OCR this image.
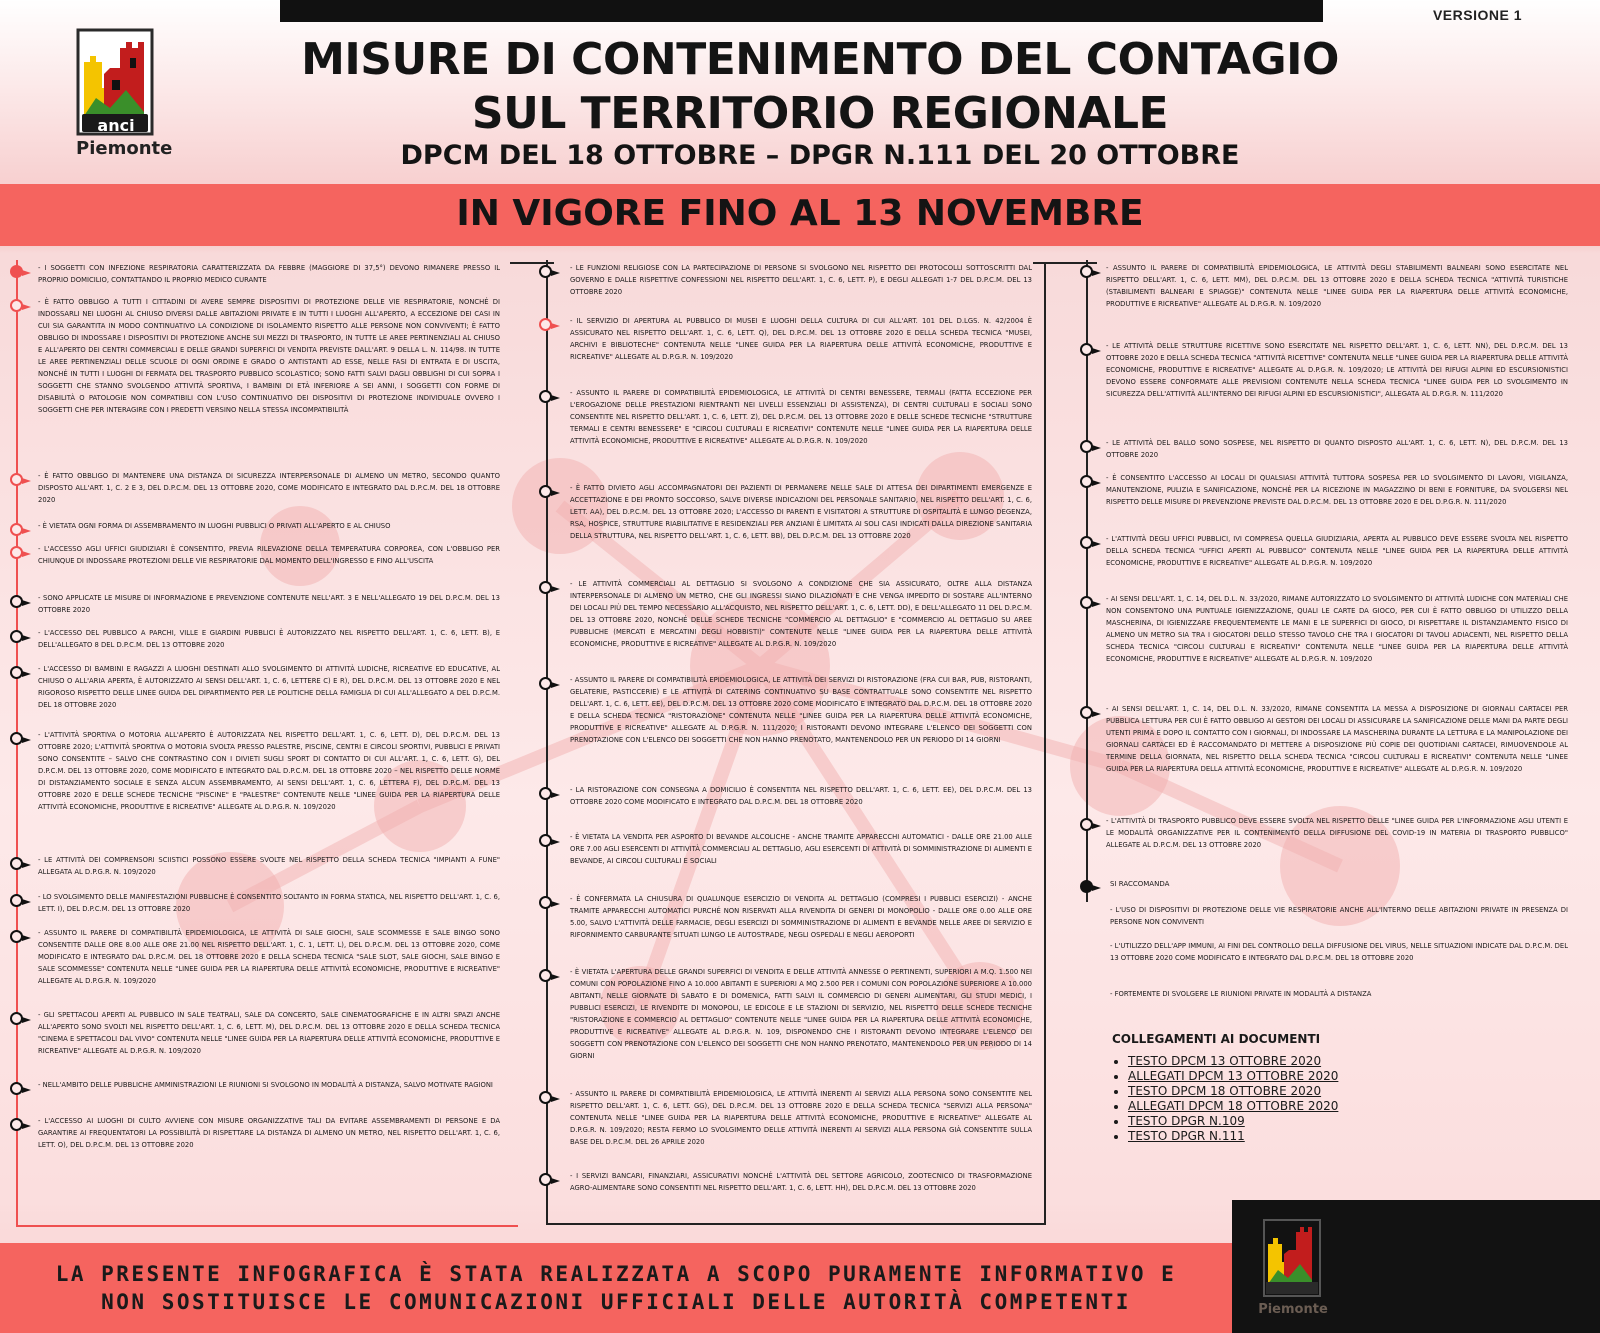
VERSIONE 1
anci
Piemonte
MISURE DI CONTENIMENTO DEL CONTAGIO
SUL TERRITORIO REGIONALE
DPCM DEL 18 OTTOBRE – DPGR N.111 DEL 20 OTTOBRE
IN VIGORE FINO AL 13 NOVEMBRE
- I SOGGETTI CON INFEZIONE RESPIRATORIA CARATTERIZZATA DA FEBBRE (MAGGIORE DI 37,5°) DEVONO RIMANERE PRESSO IL PROPRIO DOMICILIO, CONTATTANDO IL PROPRIO MEDICO CURANTE
- È FATTO OBBLIGO A TUTTI I CITTADINI DI AVERE SEMPRE DISPOSITIVI DI PROTEZIONE DELLE VIE RESPIRATORIE, NONCHÉ DI INDOSSARLI NEI LUOGHI AL CHIUSO DIVERSI DALLE ABITAZIONI PRIVATE E IN TUTTI I LUOGHI ALL'APERTO, A ECCEZIONE DEI CASI IN CUI SIA GARANTITA IN MODO CONTINUATIVO LA CONDIZIONE DI ISOLAMENTO RISPETTO ALLE PERSONE NON CONVIVENTI; È FATTO OBBLIGO DI INDOSSARE I DISPOSITIVI DI PROTEZIONE ANCHE SUI MEZZI DI TRASPORTO, IN TUTTE LE AREE PERTINENZIALI AL CHIUSO E ALL'APERTO DEI CENTRI COMMERCIALI E DELLE GRANDI SUPERFICI DI VENDITA PREVISTE DALL'ART. 9 DELLA L. N. 114/98. IN TUTTE LE AREE PERTINENZIALI DELLE SCUOLE DI OGNI ORDINE E GRADO O ANTISTANTI AD ESSE, NELLE FASI DI ENTRATA E DI USCITA, NONCHÉ IN TUTTI I LUOGHI DI FERMATA DEL TRASPORTO PUBBLICO SCOLASTICO; SONO FATTI SALVI DAGLI OBBLIGHI DI CUI SOPRA I SOGGETTI CHE STANNO SVOLGENDO ATTIVITÀ SPORTIVA, I BAMBINI DI ETÀ INFERIORE A SEI ANNI, I SOGGETTI CON FORME DI DISABILITÀ O PATOLOGIE NON COMPATIBILI CON L'USO CONTINUATIVO DEI DISPOSITIVI DI PROTEZIONE INDIVIDUALE OVVERO I SOGGETTI CHE PER INTERAGIRE CON I PREDETTI VERSINO NELLA STESSA INCOMPATIBILITÀ
- È FATTO OBBLIGO DI MANTENERE UNA DISTANZA DI SICUREZZA INTERPERSONALE DI ALMENO UN METRO, SECONDO QUANTO DISPOSTO ALL'ART. 1, C. 2 E 3, DEL D.P.C.M. DEL 13 OTTOBRE 2020, COME MODIFICATO E INTEGRATO DAL D.P.C.M. DEL 18 OTTOBRE 2020
- È VIETATA OGNI FORMA DI ASSEMBRAMENTO IN LUOGHI PUBBLICI O PRIVATI ALL'APERTO E AL CHIUSO
- L'ACCESSO AGLI UFFICI GIUDIZIARI È CONSENTITO, PREVIA RILEVAZIONE DELLA TEMPERATURA CORPOREA, CON L'OBBLIGO PER CHIUNQUE DI INDOSSARE PROTEZIONI DELLE VIE RESPIRATORIE DAL MOMENTO DELL'INGRESSO E FINO ALL'USCITA
- SONO APPLICATE LE MISURE DI INFORMAZIONE E PREVENZIONE CONTENUTE NELL'ART. 3 E NELL'ALLEGATO 19 DEL D.P.C.M. DEL 13 OTTOBRE 2020
- L'ACCESSO DEL PUBBLICO A PARCHI, VILLE E GIARDINI PUBBLICI È AUTORIZZATO NEL RISPETTO DELL'ART. 1, C. 6, LETT. B), E DELL'ALLEGATO 8 DEL D.P.C.M. DEL 13 OTTOBRE 2020
- L'ACCESSO DI BAMBINI E RAGAZZI A LUOGHI DESTINATI ALLO SVOLGIMENTO DI ATTIVITÀ LUDICHE, RICREATIVE ED EDUCATIVE, AL CHIUSO O ALL'ARIA APERTA, È AUTORIZZATO AI SENSI DELL'ART. 1, C. 6, LETTERE C) E R), DEL D.P.C.M. DEL 13 OTTOBRE 2020 E NEL RIGOROSO RISPETTO DELLE LINEE GUIDA DEL DIPARTIMENTO PER LE POLITICHE DELLA FAMIGLIA DI CUI ALL'ALLEGATO A DEL D.P.C.M. DEL 18 OTTOBRE 2020
- L'ATTIVITÀ SPORTIVA O MOTORIA ALL'APERTO È AUTORIZZATA NEL RISPETTO DELL'ART. 1, C. 6, LETT. D), DEL D.P.C.M. DEL 13 OTTOBRE 2020; L'ATTIVITÀ SPORTIVA O MOTORIA SVOLTA PRESSO PALESTRE, PISCINE, CENTRI E CIRCOLI SPORTIVI, PUBBLICI E PRIVATI SONO CONSENTITE – SALVO CHE CONTRASTINO CON I DIVIETI SUGLI SPORT DI CONTATTO DI CUI ALL'ART. 1, C. 6, LETT. G), DEL D.P.C.M. DEL 13 OTTOBRE 2020, COME MODIFICATO E INTEGRATO DAL D.P.C.M. DEL 18 OTTOBRE 2020 – NEL RISPETTO DELLE NORME DI DISTANZIAMENTO SOCIALE E SENZA ALCUN ASSEMBRAMENTO, AI SENSI DELL'ART. 1, C. 6, LETTERA F), DEL D.P.C.M. DEL 13 OTTOBRE 2020 E DELLE SCHEDE TECNICHE "PISCINE" E "PALESTRE" CONTENUTE NELLE "LINEE GUIDA PER LA RIAPERTURA DELLE ATTIVITÀ ECONOMICHE, PRODUTTIVE E RICREATIVE" ALLEGATE AL D.P.G.R. N. 109/2020
- LE ATTIVITÀ DEI COMPRENSORI SCIISTICI POSSONO ESSERE SVOLTE NEL RISPETTO DELLA SCHEDA TECNICA "IMPIANTI A FUNE" ALLEGATA AL D.P.G.R. N. 109/2020
- LO SVOLGIMENTO DELLE MANIFESTAZIONI PUBBLICHE È CONSENTITO SOLTANTO IN FORMA STATICA, NEL RISPETTO DELL'ART. 1, C. 6, LETT. I), DEL D.P.C.M. DEL 13 OTTOBRE 2020
- ASSUNTO IL PARERE DI COMPATIBILITÀ EPIDEMIOLOGICA, LE ATTIVITÀ DI SALE GIOCHI, SALE SCOMMESSE E SALE BINGO SONO CONSENTITE DALLE ORE 8.00 ALLE ORE 21.00 NEL RISPETTO DELL'ART. 1, C. 1, LETT. L), DEL D.P.C.M. DEL 13 OTTOBRE 2020, COME MODIFICATO E INTEGRATO DAL D.P.C.M. DEL 18 OTTOBRE 2020 E DELLA SCHEDA TECNICA "SALE SLOT, SALE GIOCHI, SALE BINGO E SALE SCOMMESSE" CONTENUTA NELLE "LINEE GUIDA PER LA RIAPERTURA DELLE ATTIVITÀ ECONOMICHE, PRODUTTIVE E RICREATIVE" ALLEGATE AL D.P.G.R. N. 109/2020
- GLI SPETTACOLI APERTI AL PUBBLICO IN SALE TEATRALI, SALE DA CONCERTO, SALE CINEMATOGRAFICHE E IN ALTRI SPAZI ANCHE ALL'APERTO SONO SVOLTI NEL RISPETTO DELL'ART. 1, C. 6, LETT. M), DEL D.P.C.M. DEL 13 OTTOBRE 2020 E DELLA SCHEDA TECNICA "CINEMA E SPETTACOLI DAL VIVO" CONTENUTA NELLE "LINEE GUIDA PER LA RIAPERTURA DELLE ATTIVITÀ ECONOMICHE, PRODUTTIVE E RICREATIVE" ALLEGATE AL D.P.G.R. N. 109/2020
- NELL'AMBITO DELLE PUBBLICHE AMMINISTRAZIONI LE RIUNIONI SI SVOLGONO IN MODALITÀ A DISTANZA, SALVO MOTIVATE RAGIONI
- L'ACCESSO AI LUOGHI DI CULTO AVVIENE CON MISURE ORGANIZZATIVE TALI DA EVITARE ASSEMBRAMENTI DI PERSONE E DA GARANTIRE AI FREQUENTATORI LA POSSIBILITÀ DI RISPETTARE LA DISTANZA DI ALMENO UN METRO, NEL RISPETTO DELL'ART. 1, C. 6, LETT. O), DEL D.P.C.M. DEL 13 OTTOBRE 2020
- LE FUNZIONI RELIGIOSE CON LA PARTECIPAZIONE DI PERSONE SI SVOLGONO NEL RISPETTO DEI PROTOCOLLI SOTTOSCRITTI DAL GOVERNO E DALLE RISPETTIVE CONFESSIONI NEL RISPETTO DELL'ART. 1, C. 6, LETT. P), E DEGLI ALLEGATI 1-7 DEL D.P.C.M. DEL 13 OTTOBRE 2020
- IL SERVIZIO DI APERTURA AL PUBBLICO DI MUSEI E LUOGHI DELLA CULTURA DI CUI ALL'ART. 101 DEL D.LGS. N. 42/2004 È ASSICURATO NEL RISPETTO DELL'ART. 1, C. 6, LETT. Q), DEL D.P.C.M. DEL 13 OTTOBRE 2020 E DELLA SCHEDA TECNICA "MUSEI, ARCHIVI E BIBLIOTECHE" CONTENUTA NELLE "LINEE GUIDA PER LA RIAPERTURA DELLE ATTIVITÀ ECONOMICHE, PRODUTTIVE E RICREATIVE" ALLEGATE AL D.P.G.R. N. 109/2020
- ASSUNTO IL PARERE DI COMPATIBILITÀ EPIDEMIOLOGICA, LE ATTIVITÀ DI CENTRI BENESSERE, TERMALI (FATTA ECCEZIONE PER L'EROGAZIONE DELLE PRESTAZIONI RIENTRANTI NEI LIVELLI ESSENZIALI DI ASSISTENZA), DI CENTRI CULTURALI E SOCIALI SONO CONSENTITE NEL RISPETTO DELL'ART. 1, C. 6, LETT. Z), DEL D.P.C.M. DEL 13 OTTOBRE 2020 E DELLE SCHEDE TECNICHE "STRUTTURE TERMALI E CENTRI BENESSERE" E "CIRCOLI CULTURALI E RICREATIVI" CONTENUTE NELLE "LINEE GUIDA PER LA RIAPERTURA DELLE ATTIVITÀ ECONOMICHE, PRODUTTIVE E RICREATIVE" ALLEGATE AL D.P.G.R. N. 109/2020
- È FATTO DIVIETO AGLI ACCOMPAGNATORI DEI PAZIENTI DI PERMANERE NELLE SALE DI ATTESA DEI DIPARTIMENTI EMERGENZE E ACCETTAZIONE E DEI PRONTO SOCCORSO, SALVE DIVERSE INDICAZIONI DEL PERSONALE SANITARIO, NEL RISPETTO DELL'ART. 1, C. 6, LETT. AA), DEL D.P.C.M. DEL 13 OTTOBRE 2020; L'ACCESSO DI PARENTI E VISITATORI A STRUTTURE DI OSPITALITÀ E LUNGO DEGENZA, RSA, HOSPICE, STRUTTURE RIABILITATIVE E RESIDENZIALI PER ANZIANI È LIMITATA AI SOLI CASI INDICATI DALLA DIREZIONE SANITARIA DELLA STRUTTURA, NEL RISPETTO DELL'ART. 1, C. 6, LETT. BB), DEL D.P.C.M. DEL 13 OTTOBRE 2020
- LE ATTIVITÀ COMMERCIALI AL DETTAGLIO SI SVOLGONO A CONDIZIONE CHE SIA ASSICURATO, OLTRE ALLA DISTANZA INTERPERSONALE DI ALMENO UN METRO, CHE GLI INGRESSI SIANO DILAZIONATI E CHE VENGA IMPEDITO DI SOSTARE ALL'INTERNO DEI LOCALI PIÙ DEL TEMPO NECESSARIO ALL'ACQUISTO, NEL RISPETTO DELL'ART. 1, C. 6, LETT. DD), E DELL'ALLEGATO 11 DEL D.P.C.M. DEL 13 OTTOBRE 2020, NONCHÉ DELLE SCHEDE TECNICHE "COMMERCIO AL DETTAGLIO" E "COMMERCIO AL DETTAGLIO SU AREE PUBBLICHE (MERCATI E MERCATINI DEGLI HOBBISTI)" CONTENUTE NELLE "LINEE GUIDA PER LA RIAPERTURA DELLE ATTIVITÀ ECONOMICHE, PRODUTTIVE E RICREATIVE" ALLEGATE AL D.P.G.R. N. 109/2020
- ASSUNTO IL PARERE DI COMPATIBILITÀ EPIDEMIOLOGICA, LE ATTIVITÀ DEI SERVIZI DI RISTORAZIONE (FRA CUI BAR, PUB, RISTORANTI, GELATERIE, PASTICCERIE) E LE ATTIVITÀ DI CATERING CONTINUATIVO SU BASE CONTRATTUALE SONO CONSENTITE NEL RISPETTO DELL'ART. 1, C. 6, LETT. EE), DEL D.P.C.M. DEL 13 OTTOBRE 2020 COME MODIFICATO E INTEGRATO DAL D.P.C.M. DEL 18 OTTOBRE 2020 E DELLA SCHEDA TECNICA "RISTORAZIONE" CONTENUTA NELLE "LINEE GUIDA PER LA RIAPERTURA DELLE ATTIVITÀ ECONOMICHE, PRODUTTIVE E RICREATIVE" ALLEGATE AL D.P.G.R. N. 111/2020; I RISTORANTI DEVONO INTEGRARE L'ELENCO DEI SOGGETTI CON PRENOTAZIONE CON L'ELENCO DEI SOGGETTI CHE NON HANNO PRENOTATO, MANTENENDOLO PER UN PERIODO DI 14 GIORNI
- LA RISTORAZIONE CON CONSEGNA A DOMICILIO È CONSENTITA NEL RISPETTO DELL'ART. 1, C. 6, LETT. EE), DEL D.P.C.M. DEL 13 OTTOBRE 2020 COME MODIFICATO E INTEGRATO DAL D.P.C.M. DEL 18 OTTOBRE 2020
- È VIETATA LA VENDITA PER ASPORTO DI BEVANDE ALCOLICHE - ANCHE TRAMITE APPARECCHI AUTOMATICI - DALLE ORE 21.00 ALLE ORE 7.00 AGLI ESERCENTI DI ATTIVITÀ COMMERCIALI AL DETTAGLIO, AGLI ESERCENTI DI ATTIVITÀ DI SOMMINISTRAZIONE DI ALIMENTI E BEVANDE, AI CIRCOLI CULTURALI E SOCIALI
- È CONFERMATA LA CHIUSURA DI QUALUNQUE ESERCIZIO DI VENDITA AL DETTAGLIO (COMPRESI I PUBBLICI ESERCIZI) - ANCHE TRAMITE APPARECCHI AUTOMATICI PURCHÉ NON RISERVATI ALLA RIVENDITA DI GENERI DI MONOPOLIO - DALLE ORE 0.00 ALLE ORE 5.00, SALVO L'ATTIVITÀ DELLE FARMACIE, DEGLI ESERCIZI DI SOMMINISTRAZIONE DI ALIMENTI E BEVANDE NELLE AREE DI SERVIZIO E RIFORNIMENTO CARBURANTE SITUATI LUNGO LE AUTOSTRADE, NEGLI OSPEDALI E NEGLI AEROPORTI
- È VIETATA L'APERTURA DELLE GRANDI SUPERFICI DI VENDITA E DELLE ATTIVITÀ ANNESSE O PERTINENTI, SUPERIORI A M.Q. 1.500 NEI COMUNI CON POPOLAZIONE FINO A 10.000 ABITANTI E SUPERIORI A MQ 2.500 PER I COMUNI CON POPOLAZIONE SUPERIORE A 10.000 ABITANTI, NELLE GIORNATE DI SABATO E DI DOMENICA, FATTI SALVI IL COMMERCIO DI GENERI ALIMENTARI, GLI STUDI MEDICI, I PUBBLICI ESERCIZI, LE RIVENDITE DI MONOPOLI, LE EDICOLE E LE STAZIONI DI SERVIZIO, NEL RISPETTO DELLE SCHEDE TECNICHE "RISTORAZIONE E COMMERCIO AL DETTAGLIO" CONTENUTE NELLE "LINEE GUIDA PER LA RIAPERTURA DELLE ATTIVITÀ ECONOMICHE, PRODUTTIVE E RICREATIVE" ALLEGATE AL D.P.G.R. N. 109, DISPONENDO CHE I RISTORANTI DEVONO INTEGRARE L'ELENCO DEI SOGGETTI CON PRENOTAZIONE CON L'ELENCO DEI SOGGETTI CHE NON HANNO PRENOTATO, MANTENENDOLO PER UN PERIODO DI 14 GIORNI
- ASSUNTO IL PARERE DI COMPATIBILITÀ EPIDEMIOLOGICA, LE ATTIVITÀ INERENTI AI SERVIZI ALLA PERSONA SONO CONSENTITE NEL RISPETTO DELL'ART. 1, C. 6, LETT. GG), DEL D.P.C.M. DEL 13 OTTOBRE 2020 E DELLA SCHEDA TECNICA "SERVIZI ALLA PERSONA" CONTENUTA NELLE "LINEE GUIDA PER LA RIAPERTURA DELLE ATTIVITÀ ECONOMICHE, PRODUTTIVE E RICREATIVE" ALLEGATE AL D.P.G.R. N. 109/2020; RESTA FERMO LO SVOLGIMENTO DELLE ATTIVITÀ INERENTI AI SERVIZI ALLA PERSONA GIÀ CONSENTITE SULLA BASE DEL D.P.C.M. DEL 26 APRILE 2020
- I SERVIZI BANCARI, FINANZIARI, ASSICURATIVI NONCHÉ L'ATTIVITÀ DEL SETTORE AGRICOLO, ZOOTECNICO DI TRASFORMAZIONE AGRO-ALIMENTARE SONO CONSENTITI NEL RISPETTO DELL'ART. 1, C. 6, LETT. HH), DEL D.P.C.M. DEL 13 OTTOBRE 2020
- ASSUNTO IL PARERE DI COMPATIBILITÀ EPIDEMIOLOGICA, LE ATTIVITÀ DEGLI STABILIMENTI BALNEARI SONO ESERCITATE NEL RISPETTO DELL'ART. 1, C. 6, LETT. MM), DEL D.P.C.M. DEL 13 OTTOBRE 2020 E DELLA SCHEDA TECNICA "ATTIVITÀ TURISTICHE (STABILIMENTI BALNEARI E SPIAGGE)" CONTENUTA NELLE "LINEE GUIDA PER LA RIAPERTURA DELLE ATTIVITÀ ECONOMICHE, PRODUTTIVE E RICREATIVE" ALLEGATE AL D.P.G.R. N. 109/2020
- LE ATTIVITÀ DELLE STRUTTURE RICETTIVE SONO ESERCITATE NEL RISPETTO DELL'ART. 1, C. 6, LETT. NN), DEL D.P.C.M. DEL 13 OTTOBRE 2020 E DELLA SCHEDA TECNICA "ATTIVITÀ RICETTIVE" CONTENUTA NELLE "LINEE GUIDA PER LA RIAPERTURA DELLE ATTIVITÀ ECONOMICHE, PRODUTTIVE E RICREATIVE" ALLEGATE AL D.P.G.R. N. 109/2020; LE ATTIVITÀ DEI RIFUGI ALPINI ED ESCURSIONISTICI DEVONO ESSERE CONFORMATE ALLE PREVISIONI CONTENUTE NELLA SCHEDA TECNICA "LINEE GUIDA PER LO SVOLGIMENTO IN SICUREZZA DELL'ATTIVITÀ ALL'INTERNO DEI RIFUGI ALPINI ED ESCURSIONISTICI", ALLEGATA AL D.P.G.R. N. 111/2020
- LE ATTIVITÀ DEL BALLO SONO SOSPESE, NEL RISPETTO DI QUANTO DISPOSTO ALL'ART. 1, C. 6, LETT. N), DEL D.P.C.M. DEL 13 OTTOBRE 2020
- È CONSENTITO L'ACCESSO AI LOCALI DI QUALSIASI ATTIVITÀ TUTTORA SOSPESA PER LO SVOLGIMENTO DI LAVORI, VIGILANZA, MANUTENZIONE, PULIZIA E SANIFICAZIONE, NONCHÉ PER LA RICEZIONE IN MAGAZZINO DI BENI E FORNITURE, DA SVOLGERSI NEL RISPETTO DELLE MISURE DI PREVENZIONE PREVISTE DAL D.P.C.M. DEL 13 OTTOBRE 2020 E DEL D.P.G.R. N. 111/2020
- L'ATTIVITÀ DEGLI UFFICI PUBBLICI, IVI COMPRESA QUELLA GIUDIZIARIA, APERTA AL PUBBLICO DEVE ESSERE SVOLTA NEL RISPETTO DELLA SCHEDA TECNICA "UFFICI APERTI AL PUBBLICO" CONTENUTA NELLE "LINEE GUIDA PER LA RIAPERTURA DELLE ATTIVITÀ ECONOMICHE, PRODUTTIVE E RICREATIVE" ALLEGATE AL D.P.G.R. N. 109/2020
- AI SENSI DELL'ART. 1, C. 14, DEL D.L. N. 33/2020, RIMANE AUTORIZZATO LO SVOLGIMENTO DI ATTIVITÀ LUDICHE CON MATERIALI CHE NON CONSENTONO UNA PUNTUALE IGIENIZZAZIONE, QUALI LE CARTE DA GIOCO, PER CUI È FATTO OBBLIGO DI UTILIZZO DELLA MASCHERINA, DI IGIENIZZARE FREQUENTEMENTE LE MANI E LE SUPERFICI DI GIOCO, DI RISPETTARE IL DISTANZIAMENTO FISICO DI ALMENO UN METRO SIA TRA I GIOCATORI DELLO STESSO TAVOLO CHE TRA I GIOCATORI DI TAVOLI ADIACENTI, NEL RISPETTO DELLA SCHEDA TECNICA "CIRCOLI CULTURALI E RICREATIVI" CONTENUTA NELLE "LINEE GUIDA PER LA RIAPERTURA DELLE ATTIVITÀ ECONOMICHE, PRODUTTIVE E RICREATIVE" ALLEGATE AL D.P.G.R. N. 109/2020
- AI SENSI DELL'ART. 1, C. 14, DEL D.L. N. 33/2020, RIMANE CONSENTITA LA MESSA A DISPOSIZIONE DI GIORNALI CARTACEI PER PUBBLICA LETTURA PER CUI È FATTO OBBLIGO AI GESTORI DEI LOCALI DI ASSICURARE LA SANIFICAZIONE DELLE MANI DA PARTE DEGLI UTENTI PRIMA E DOPO IL CONTATTO CON I GIORNALI, DI INDOSSARE LA MASCHERINA DURANTE LA LETTURA E LA MANIPOLAZIONE DEI GIORNALI CARTACEI ED È RACCOMANDATO DI METTERE A DISPOSIZIONE PIÙ COPIE DEI QUOTIDIANI CARTACEI, RIMUOVENDOLE AL TERMINE DELLA GIORNATA, NEL RISPETTO DELLA SCHEDA TECNICA "CIRCOLI CULTURALI E RICREATIVI" CONTENUTA NELLE "LINEE GUIDA PER LA RIAPERTURA DELLA ATTIVITÀ ECONOMICHE, PRODUTTIVE E RICREATIVE" ALLEGATE AL D.P.G.R. N. 109/2020
- L'ATTIVITÀ DI TRASPORTO PUBBLICO DEVE ESSERE SVOLTA NEL RISPETTO DELLE "LINEE GUIDA PER L'INFORMAZIONE AGLI UTENTI E LE MODALITÀ ORGANIZZATIVE PER IL CONTENIMENTO DELLA DIFFUSIONE DEL COVID-19 IN MATERIA DI TRASPORTO PUBBLICO" ALLEGATE AL D.P.C.M. DEL 13 OTTOBRE 2020
SI RACCOMANDA
- L'USO DI DISPOSITIVI DI PROTEZIONE DELLE VIE RESPIRATORIE ANCHE ALL'INTERNO DELLE ABITAZIONI PRIVATE IN PRESENZA DI PERSONE NON CONVIVENTI
- L'UTILIZZO DELL'APP IMMUNI, AI FINI DEL CONTROLLO DELLA DIFFUSIONE DEL VIRUS, NELLE SITUAZIONI INDICATE DAL D.P.C.M. DEL 13 OTTOBRE 2020 COME MODIFICATO E INTEGRATO DAL D.P.C.M. DEL 18 OTTOBRE 2020
- FORTEMENTE DI SVOLGERE LE RIUNIONI PRIVATE IN MODALITÀ A DISTANZA
COLLEGAMENTI AI DOCUMENTI
• TESTO DPCM 13 OTTOBRE 2020
• ALLEGATI DPCM 13 OTTOBRE 2020
• TESTO DPCM 18 OTTOBRE 2020
• ALLEGATI DPCM 18 OTTOBRE 2020
• TESTO DPGR N.109
• TESTO DPGR N.111
LA PRESENTE INFOGRAFICA È STATA REALIZZATA A SCOPO PURAMENTE INFORMATIVO E
NON SOSTITUISCE LE COMUNICAZIONI UFFICIALI DELLE AUTORITÀ COMPETENTI	Piemonte
